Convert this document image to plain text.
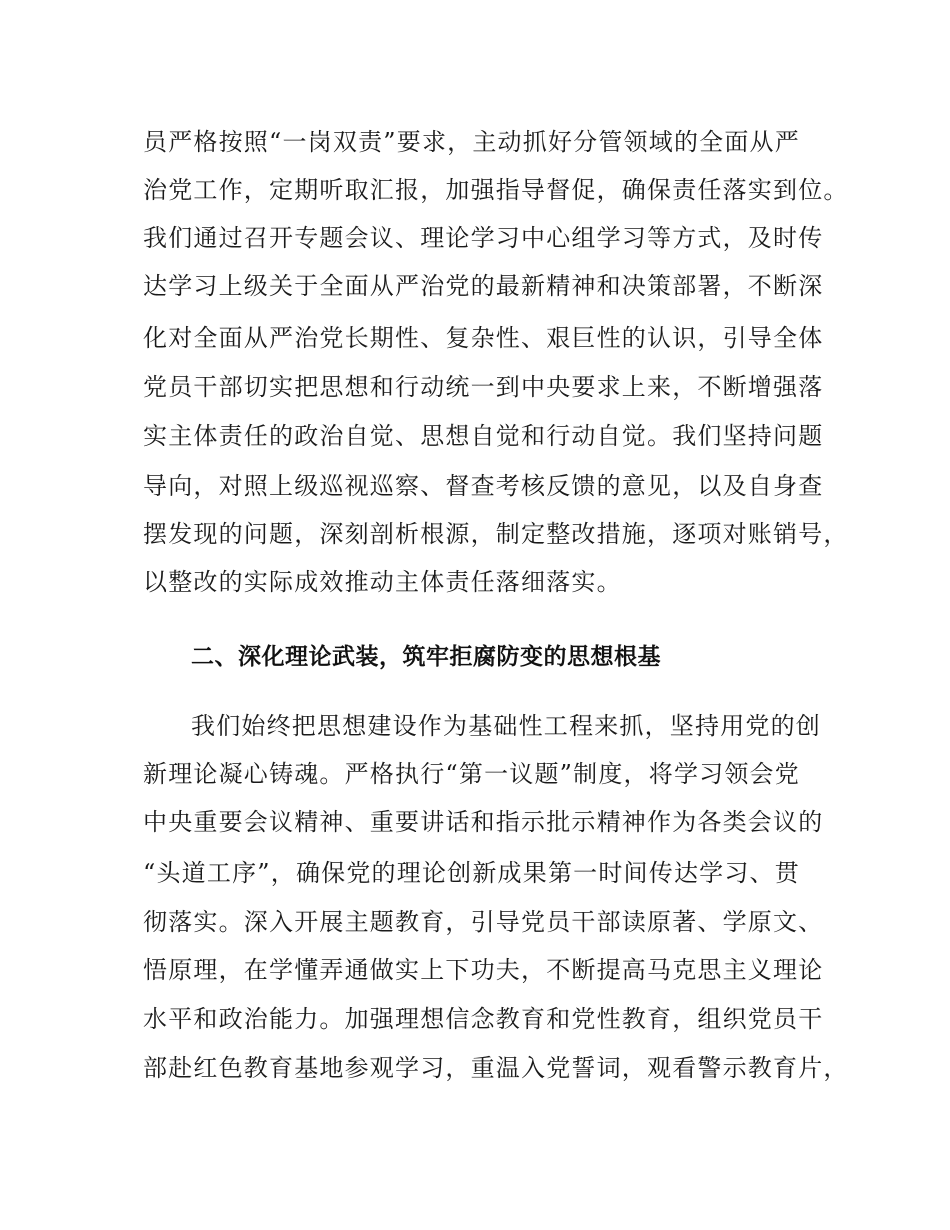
员严格按照“一岗双责”要求，主动抓好分管领域的全面从严
治党工作，定期听取汇报，加强指导督促，确保责任落实到位。
我们通过召开专题会议、理论学习中心组学习等方式，及时传
达学习上级关于全面从严治党的最新精神和决策部署，不断深
化对全面从严治党长期性、复杂性、艰巨性的认识，引导全体
党员干部切实把思想和行动统一到中央要求上来，不断增强落
实主体责任的政治自觉、思想自觉和行动自觉。我们坚持问题
导向，对照上级巡视巡察、督查考核反馈的意见，以及自身查
摆发现的问题，深刻剖析根源，制定整改措施，逐项对账销号，
以整改的实际成效推动主体责任落细落实。
二、深化理论武装，筑牢拒腐防变的思想根基
我们始终把思想建设作为基础性工程来抓，坚持用党的创
新理论凝心铸魂。严格执行“第一议题”制度，将学习领会党
中央重要会议精神、重要讲话和指示批示精神作为各类会议的
“头道工序”，确保党的理论创新成果第一时间传达学习、贯
彻落实。深入开展主题教育，引导党员干部读原著、学原文、
悟原理，在学懂弄通做实上下功夫，不断提高马克思主义理论
水平和政治能力。加强理想信念教育和党性教育，组织党员干
部赴红色教育基地参观学习，重温入党誓词，观看警示教育片，
